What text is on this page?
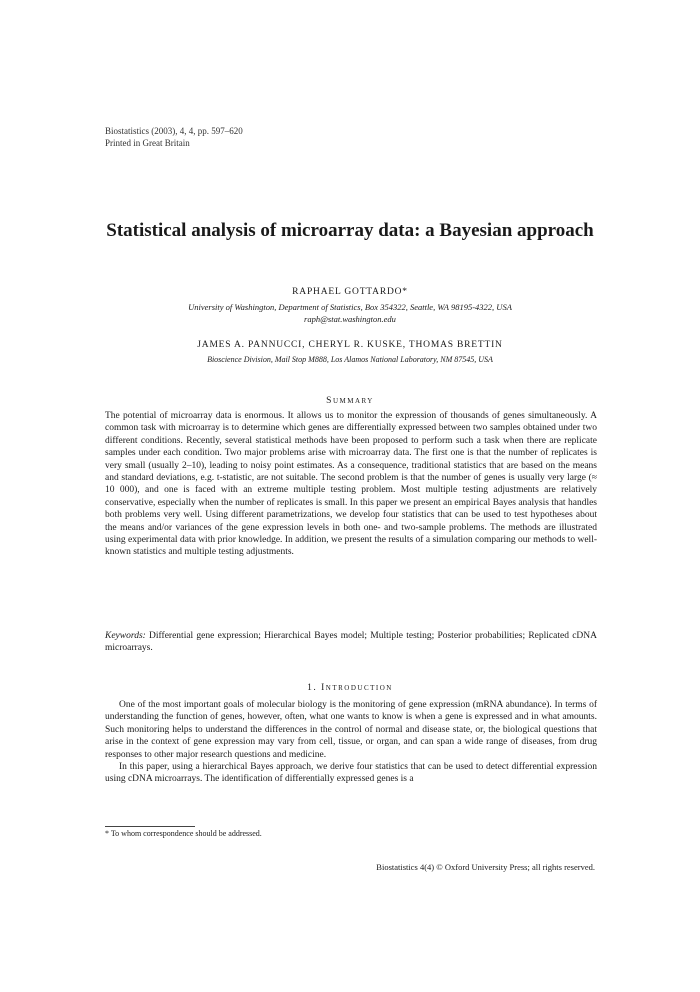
Biostatistics (2003), 4, 4, pp. 597–620
Printed in Great Britain
Statistical analysis of microarray data: a Bayesian approach
RAPHAEL GOTTARDO*
University of Washington, Department of Statistics, Box 354322, Seattle, WA 98195-4322, USA
raph@stat.washington.edu
JAMES A. PANNUCCI, CHERYL R. KUSKE, THOMAS BRETTIN
Bioscience Division, Mail Stop M888, Los Alamos National Laboratory, NM 87545, USA
Summary
The potential of microarray data is enormous. It allows us to monitor the expression of thousands of genes simultaneously. A common task with microarray is to determine which genes are differentially expressed between two samples obtained under two different conditions. Recently, several statistical methods have been proposed to perform such a task when there are replicate samples under each condition. Two major problems arise with microarray data. The first one is that the number of replicates is very small (usually 2–10), leading to noisy point estimates. As a consequence, traditional statistics that are based on the means and standard deviations, e.g. t-statistic, are not suitable. The second problem is that the number of genes is usually very large (≈ 10 000), and one is faced with an extreme multiple testing problem. Most multiple testing adjustments are relatively conservative, especially when the number of replicates is small. In this paper we present an empirical Bayes analysis that handles both problems very well. Using different parametrizations, we develop four statistics that can be used to test hypotheses about the means and/or variances of the gene expression levels in both one- and two-sample problems. The methods are illustrated using experimental data with prior knowledge. In addition, we present the results of a simulation comparing our methods to well-known statistics and multiple testing adjustments.
Keywords: Differential gene expression; Hierarchical Bayes model; Multiple testing; Posterior probabilities; Replicated cDNA microarrays.
1. Introduction

One of the most important goals of molecular biology is the monitoring of gene expression (mRNA abundance). In terms of understanding the function of genes, however, often, what one wants to know is when a gene is expressed and in what amounts. Such monitoring helps to understand the differences in the control of normal and disease state, or, the biological questions that arise in the context of gene expression may vary from cell, tissue, or organ, and can span a wide range of diseases, from drug responses to other major research questions and medicine.

In this paper, using a hierarchical Bayes approach, we derive four statistics that can be used to detect differential expression using cDNA microarrays. The identification of differentially expressed genes is a

* To whom correspondence should be addressed.
Biostatistics 4(4) © Oxford University Press; all rights reserved.
